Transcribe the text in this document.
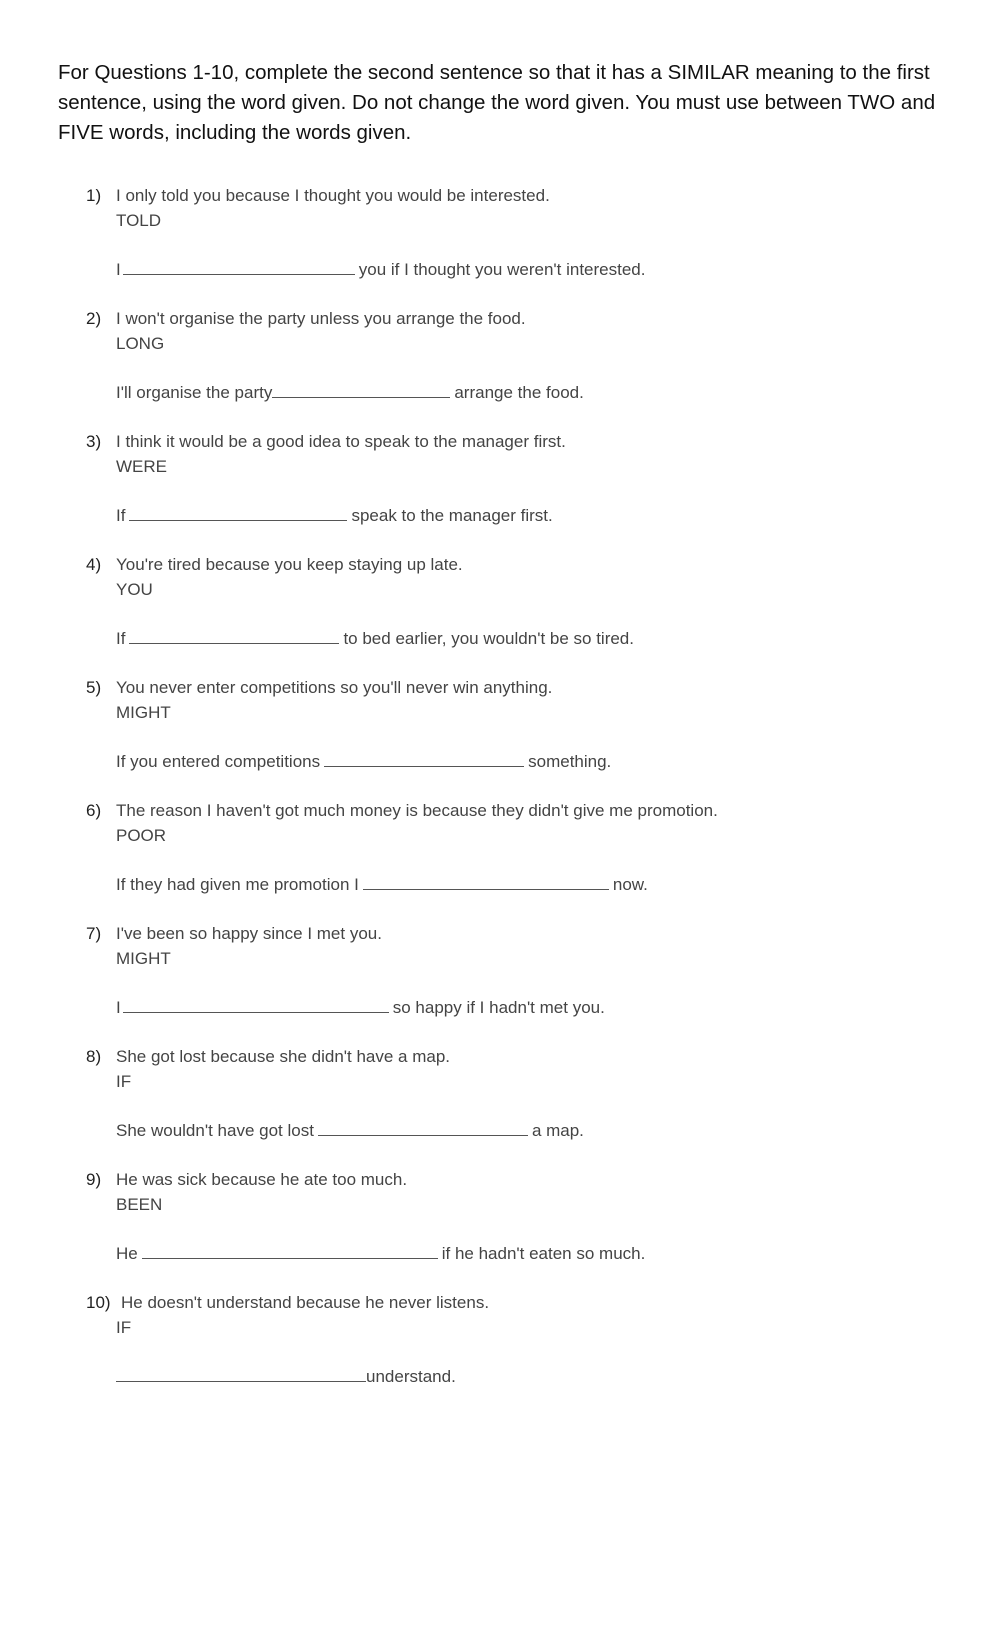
For Questions 1-10, complete the second sentence so that it has a SIMILAR meaning to the first sentence, using the word given. Do not change the word given. You must use between TWO and FIVE words, including the words given.

1) I only told you because I thought you would be interested.
TOLD
I	you if I thought you weren't interested.
2) I won't organise the party unless you arrange the food.
LONG
I'll organise the party	arrange the food.
3) I think it would be a good idea to speak to the manager first.
WERE
If	speak to the manager first.
4) You're tired because you keep staying up late.
YOU
If	to bed earlier, you wouldn't be so tired.
5) You never enter competitions so you'll never win anything.
MIGHT
If you entered competitions	something.
6) The reason I haven't got much money is because they didn't give me promotion.
POOR
If they had given me promotion I	now.
7) I've been so happy since I met you.
MIGHT
I	so happy if I hadn't met you.
8) She got lost because she didn't have a map.
IF
She wouldn't have got lost	a map.
9) He was sick because he ate too much.
BEEN
He	if he hadn't eaten so much.
10) He doesn't understand because he never listens.
IF
understand.
